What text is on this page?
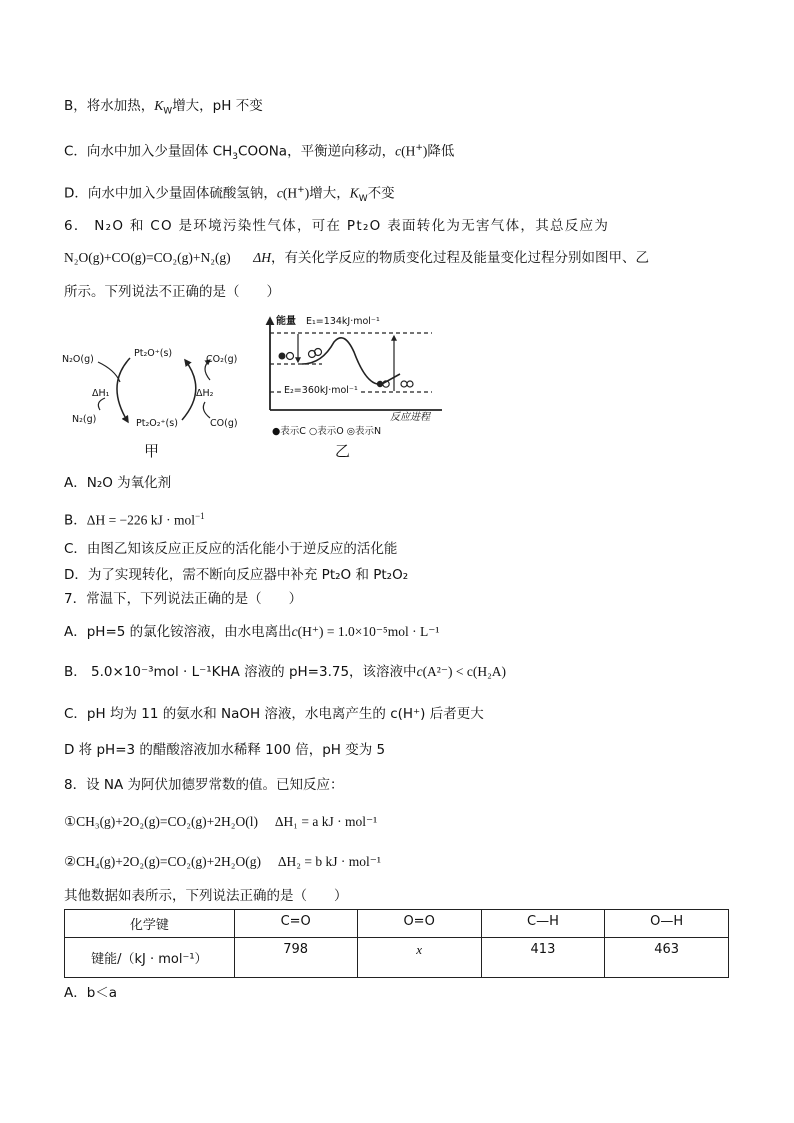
B，将水加热，$K_W$增大，pH 不变
C．向水中加入少量固体 $CH_3COONa$，平衡逆向移动，c(H+)降低
D．向水中加入少量固体硫酸氢钠，c(H+)增大，$K_W$不变
6． N₂O 和 CO 是环境污染性气体，可在 Pt₂O 表面转化为无害气体，其总反应为
N₂O(g)+CO(g)=CO₂(g)+N₂(g) ΔH，有关化学反应的物质变化过程及能量变化过程分别如图甲、乙
所示。下列说法不正确的是（　　）
N₂O(g)
Pt₂O⁺(s)
CO₂(g)
ΔH₁	ΔH₂
N₂(g)	Pt₂O₂⁺(s)	CO(g)
甲
能量 E₁=134kJ·mol⁻¹
E₂=360kJ·mol⁻¹
反应进程
●表示C ○表示O ◎表示N
乙
A．N₂O 为氧化剂
B．ΔH = −226 kJ · mol$^{-1}$
C．由图乙知该反应正反应的活化能小于逆反应的活化能
D．为了实现转化，需不断向反应器中补充 Pt₂O 和 Pt₂O₂
7．常温下，下列说法正确的是（　　）
A．pH=5 的氯化铵溶液，由水电离出c(H⁺) = 1.0×10⁻⁵mol · L⁻¹
B． 5.0×10⁻³mol · L⁻¹KHA 溶液的 pH=3.75，该溶液中c(A²⁻) < c(H₂A)
C．pH 均为 11 的氨水和 NaOH 溶液，水电离产生的 c(H⁺) 后者更大
D 将 pH=3 的醋酸溶液加水稀释 100 倍，pH 变为 5
8．设 NA 为阿伏加德罗常数的值。已知反应：
①CH₃(g)+2O₂(g)=CO₂(g)+2H₂O(l)　 ΔH₁ = a kJ · mol⁻¹
②CH₄(g)+2O₂(g)=CO₂(g)+2H₂O(g)　 ΔH₂ = b kJ · mol⁻¹
其他数据如表所示，下列说法正确的是（　　）
化学键	C=O	O=O	C—H	O—H
键能/（kJ · mol⁻¹）	798	x	413	463
A．b＜a
